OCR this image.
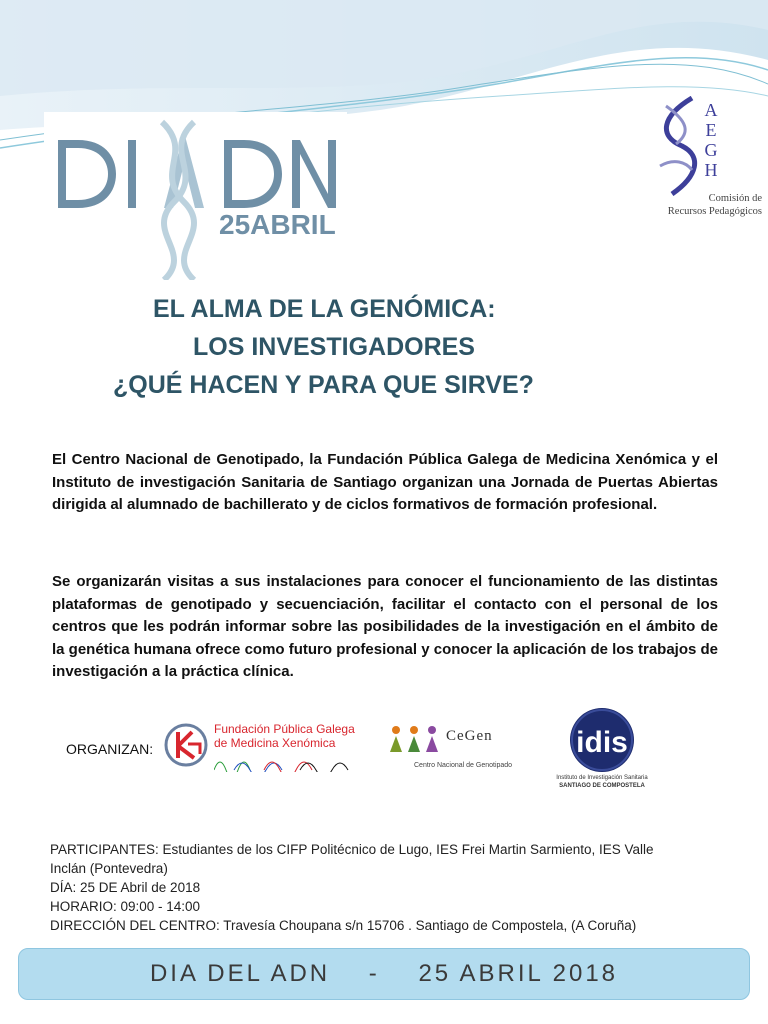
25ABRIL
A
E
G
H
Comisión de
Recursos Pedagógicos
EL ALMA DE LA GENÓMICA:
LOS INVESTIGADORES
¿QUÉ HACEN Y PARA QUE SIRVE?
El Centro Nacional de Genotipado, la Fundación Pública Galega de Medicina Xenómica y el Instituto de investigación Sanitaria de Santiago organizan una Jornada de Puertas Abiertas dirigida al alumnado de bachillerato y de ciclos formativos de formación profesional.
Se organizarán visitas a sus instalaciones para conocer el funcionamiento de las distintas plataformas de genotipado y secuenciación, facilitar el contacto con el personal de los centros que les podrán informar sobre las posibilidades de la investigación en el ámbito de la genética humana ofrece como futuro profesional y conocer la aplicación de los trabajos de investigación a la práctica clínica.
ORGANIZAN:
Fundación Pública Galega
de Medicina Xenómica	CeGen
Centro Nacional de Genotipado
idis
Instituto de Investigación Sanitaria
SANTIAGO DE COMPOSTELA
PARTICIPANTES: Estudiantes de los CIFP Politécnico de Lugo, IES Frei Martin Sarmiento, IES Valle
Inclán (Pontevedra)
DÍA: 25 DE Abril de 2018
HORARIO: 09:00 - 14:00
DIRECCIÓN DEL CENTRO: Travesía Choupana s/n 15706 . Santiago de Compostela, (A Coruña)
DIA DEL ADN    -    25 ABRIL 2018
